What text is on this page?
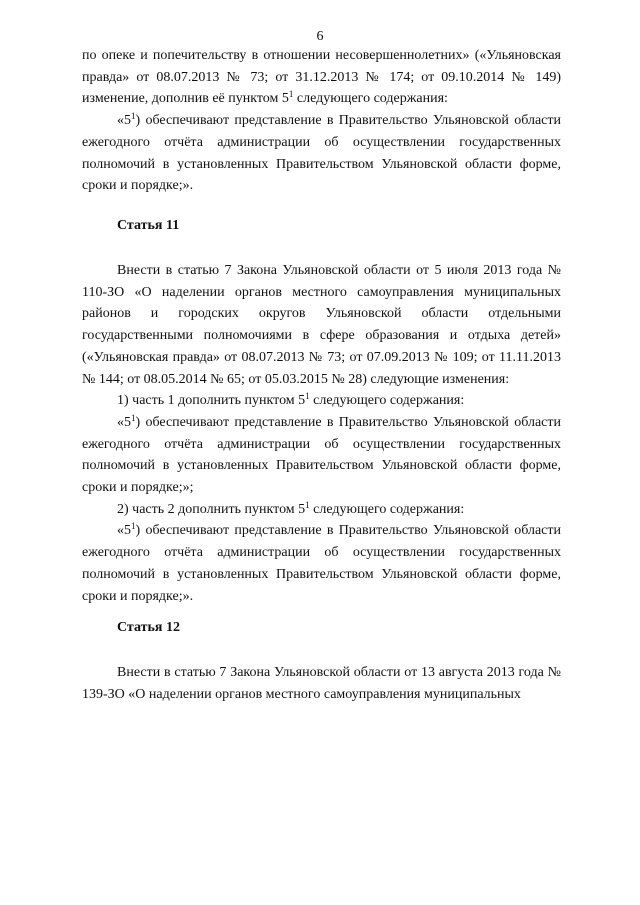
6

по опеке и попечительству в отношении несовершеннолетних» («Ульяновская правда» от 08.07.2013 № 73; от 31.12.2013 № 174; от 09.10.2014 № 149) изменение, дополнив её пунктом $5^1$ следующего содержания:

«$5^1$) обеспечивают представление в Правительство Ульяновской области ежегодного отчёта администрации об осуществлении государственных полномочий в установленных Правительством Ульяновской области форме, сроки и порядке;».

Статья 11

Внести в статью 7 Закона Ульяновской области от 5 июля 2013 года № 110-ЗО «О наделении органов местного самоуправления муниципальных районов и городских округов Ульяновской области отдельными государственными полномочиями в сфере образования и отдыха детей» («Ульяновская правда» от 08.07.2013 № 73; от 07.09.2013 № 109; от 11.11.2013 № 144; от 08.05.2014 № 65; от 05.03.2015 № 28) следующие изменения:

1) часть 1 дополнить пунктом $5^1$ следующего содержания:

«$5^1$) обеспечивают представление в Правительство Ульяновской области ежегодного отчёта администрации об осуществлении государственных полномочий в установленных Правительством Ульяновской области форме, сроки и порядке;»;

2) часть 2 дополнить пунктом $5^1$ следующего содержания:

«$5^1$) обеспечивают представление в Правительство Ульяновской области ежегодного отчёта администрации об осуществлении государственных полномочий в установленных Правительством Ульяновской области форме, сроки и порядке;».

Статья 12

Внести в статью 7 Закона Ульяновской области от 13 августа 2013 года № 139-ЗО «О наделении органов местного самоуправления муниципальных
